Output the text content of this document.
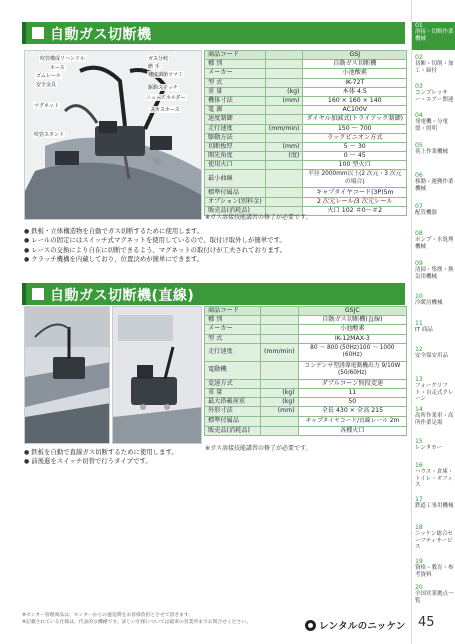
自動ガス切断機
吹管構成リハンドル
ホース
ゴムレール
安全金具
マグネット
ガス分岐
燃 手
速度調節ツマミ
駆動スイッチ
ニューズホルダー
スカスホース
吹管スタンド
商品コード		GSJ
種 別		自動ガス切断機
メーカー		小池酸素
型 式		IK-72T
重 量	(kg)	本体 4.5
機体寸法	(mm)	160 × 160 × 140
電 源		AC100V
速度制御		ダイヤル加減式(トライアック制御)
走行速度	(mm/min)	150 ～ 700
駆動方法		ラックピニオン方式
切断板厚	(mm)	5 ～ 30
開先角度	(度)	0 ～ 45
使用火口		100 型火口
最小曲線		半径 2000mm以上(2 次元・3 次元の場合)
標準付属品		キャプタイヤコード(3P)5m
オプション(別料金)		2 次元レール/3 次元レール
販売品(消耗品)		火口 102 ＃0～＃2
※ガス溶接技能講習の修了が必要です。
● 鉄板・立体構造物を自動でガス切断するために使用します。
● レールの固定にはスイッチ式マグネットを使用しているので、取付け取外しが簡単です。
● レースの交換により自在に切断できるよう、マグネットの取付けが工夫されております。
● クラッチ機構を内蔵しており、位置決めが簡単にできます。
自動ガス切断機(直線)
商品コード		GSJC
種 別		自動ガス切断機(直線)
メーカー		小池酸素
型 式		IK-12MAX-3
走行速度	(mm/min)	80 ～ 800 (50Hz)100 ～ 1000 (60Hz)
電動機		コンデンサ型誘導電動機出力 9/10W (50/60Hz)
変速方式		ダブルコーン無段変速
重 量	(kg)	11
最大搭載荷重	(kg)	50
外形寸法	(mm)	全長 430 × 全高 215
標準付属品		キャプタイヤコード/直線レール 2m
販売品(消耗品)		各種火口
※ガス溶接技能講習の修了が必要です。
● 鉄板を自動で直線ガス切断するために使用します。
● 前後進をスイッチ切替で行うタイプです。
※センター管理商品は、センターからの運送費をお客様負担とさせて頂きます。
※記載されている仕様は、代表的な機種です。詳しい仕様については最寄の営業所までお問合せください。	レンタルのニッケン
01
溶接・切断作業機械
02
切断・切削・加工・締付
03
コンプレッサー・エアー関連
04
発電機・分電盤・照明
05
荷上作業機械
06
移動・運搬作業機械
07
配管機器
08
ポンプ・水処理機械
09
清掃・集塵・換気用機械
10
冷暖房機械
11
IT 商品
12
安全保安用品
13
フォークリフト・自走式クレーン
14
高所作業車・高所作業足場
15
レンタカー
16
ハウス・倉庫・トイレ・オフィス
17
鉄道工事用機械
18
ニッケン総合セーフティサービス
19
資格・教育・参考資料
20
全国営業拠点一覧
45
